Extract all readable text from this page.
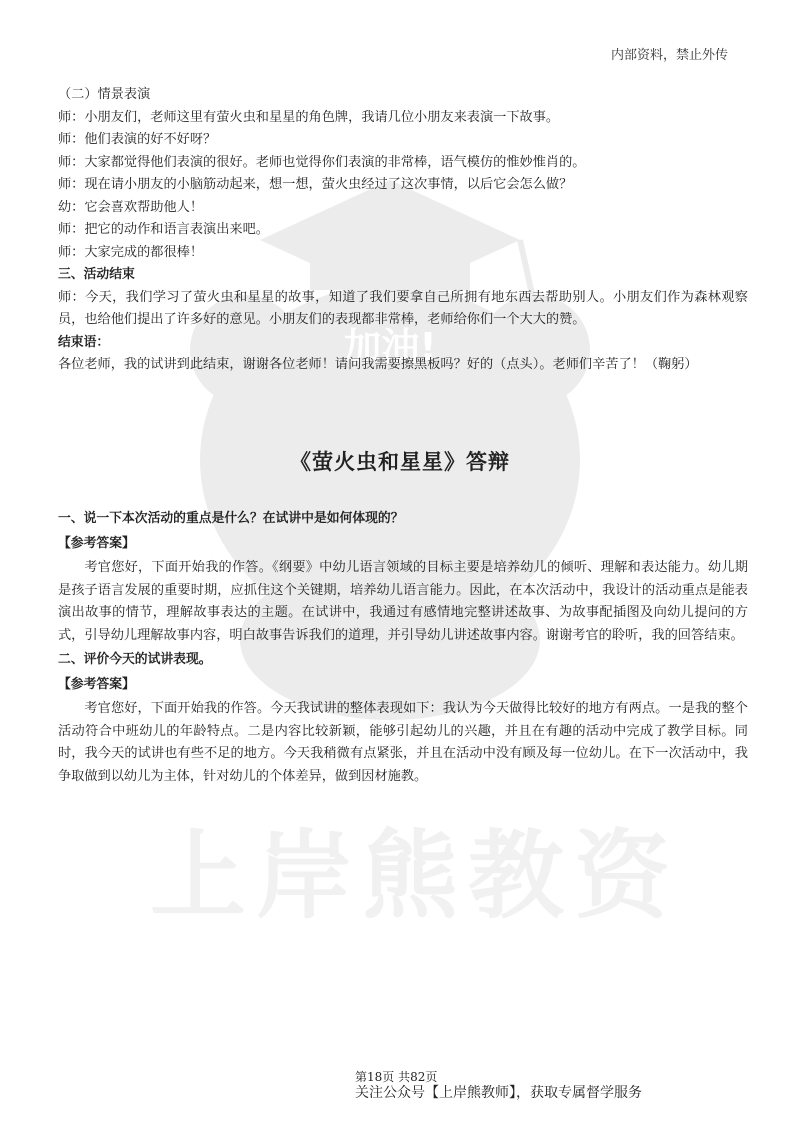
加油!
上岸熊教资
内部资料，禁止外传

（二）情景表演

师：小朋友们，老师这里有萤火虫和星星的角色牌，我请几位小朋友来表演一下故事。

师：他们表演的好不好呀？

师：大家都觉得他们表演的很好。老师也觉得你们表演的非常棒，语气模仿的惟妙惟肖的。

师：现在请小朋友的小脑筋动起来，想一想，萤火虫经过了这次事情，以后它会怎么做？

幼：它会喜欢帮助他人！

师：把它的动作和语言表演出来吧。

师：大家完成的都很棒！

三、活动结束

师：今天，我们学习了萤火虫和星星的故事，知道了我们要拿自己所拥有地东西去帮助别人。小朋友们作为森林观察员，也给他们提出了许多好的意见。小朋友们的表现都非常棒，老师给你们一个大大的赞。

结束语：

各位老师，我的试讲到此结束，谢谢各位老师！请问我需要擦黑板吗？好的（点头）。老师们辛苦了！（鞠躬）

《萤火虫和星星》答辩

一、说一下本次活动的重点是什么？在试讲中是如何体现的？

【参考答案】

考官您好，下面开始我的作答。《纲要》中幼儿语言领域的目标主要是培养幼儿的倾听、理解和表达能力。幼儿期是孩子语言发展的重要时期，应抓住这个关键期，培养幼儿语言能力。因此，在本次活动中，我设计的活动重点是能表演出故事的情节，理解故事表达的主题。在试讲中，我通过有感情地完整讲述故事、为故事配插图及向幼儿提问的方式，引导幼儿理解故事内容，明白故事告诉我们的道理，并引导幼儿讲述故事内容。谢谢考官的聆听，我的回答结束。

二、评价今天的试讲表现。

【参考答案】

考官您好，下面开始我的作答。今天我试讲的整体表现如下：我认为今天做得比较好的地方有两点。一是我的整个活动符合中班幼儿的年龄特点。二是内容比较新颖，能够引起幼儿的兴趣，并且在有趣的活动中完成了教学目标。同时，我今天的试讲也有些不足的地方。今天我稍微有点紧张，并且在活动中没有顾及每一位幼儿。在下一次活动中，我争取做到以幼儿为主体，针对幼儿的个体差异，做到因材施教。

第18页 共82页
关注公众号【上岸熊教师】，获取专属督学服务
